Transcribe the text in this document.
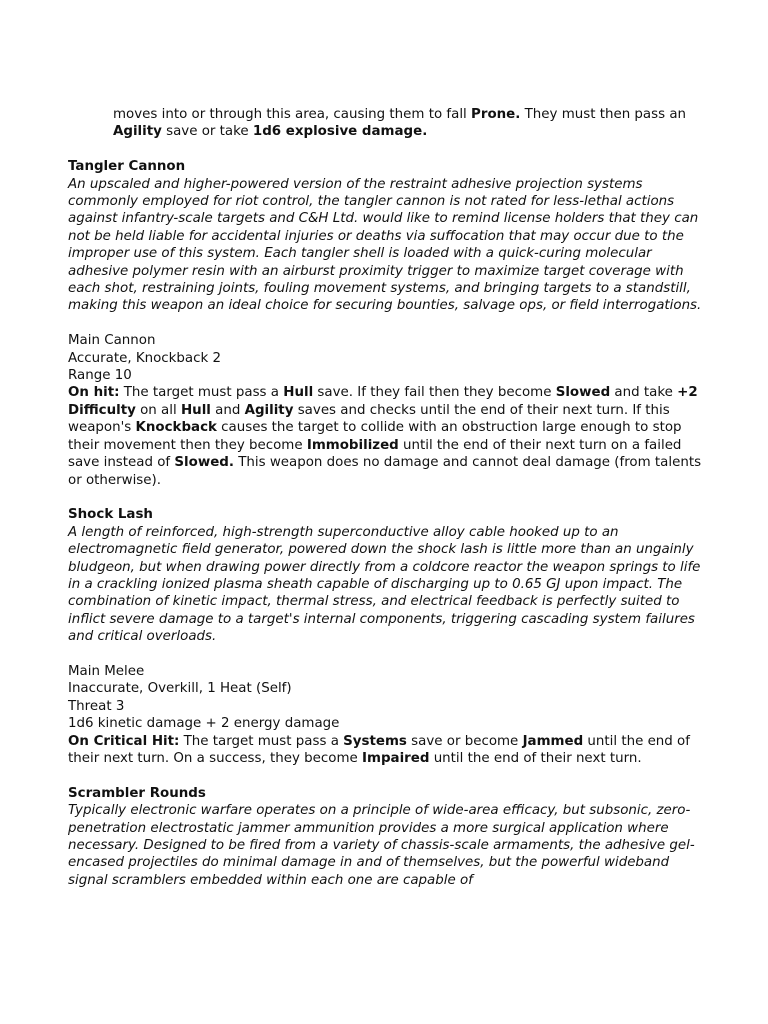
moves into or through this area, causing them to fall Prone. They must then pass an Agility save or take 1d6 explosive damage.

Tangler Cannon

An upscaled and higher-powered version of the restraint adhesive projection systems commonly employed for riot control, the tangler cannon is not rated for less-lethal actions against infantry-scale targets and C&H Ltd. would like to remind license holders that they can not be held liable for accidental injuries or deaths via suffocation that may occur due to the improper use of this system. Each tangler shell is loaded with a quick-curing molecular adhesive polymer resin with an airburst proximity trigger to maximize target coverage with each shot, restraining joints, fouling movement systems, and bringing targets to a standstill, making this weapon an ideal choice for securing bounties, salvage ops, or field interrogations.

Main Cannon

Accurate, Knockback 2

Range 10

On hit: The target must pass a Hull save. If they fail then they become Slowed and take +2 Difficulty on all Hull and Agility saves and checks until the end of their next turn. If this weapon's Knockback causes the target to collide with an obstruction large enough to stop their movement then they become Immobilized until the end of their next turn on a failed save instead of Slowed. This weapon does no damage and cannot deal damage (from talents or otherwise).

Shock Lash

A length of reinforced, high-strength superconductive alloy cable hooked up to an electromagnetic field generator, powered down the shock lash is little more than an ungainly bludgeon, but when drawing power directly from a coldcore reactor the weapon springs to life in a crackling ionized plasma sheath capable of discharging up to 0.65 GJ upon impact. The combination of kinetic impact, thermal stress, and electrical feedback is perfectly suited to inflict severe damage to a target's internal components, triggering cascading system failures and critical overloads.

Main Melee

Inaccurate, Overkill, 1 Heat (Self)

Threat 3

1d6 kinetic damage + 2 energy damage

On Critical Hit: The target must pass a Systems save or become Jammed until the end of their next turn. On a success, they become Impaired until the end of their next turn.

Scrambler Rounds

Typically electronic warfare operates on a principle of wide-area efficacy, but subsonic, zero-penetration electrostatic jammer ammunition provides a more surgical application where necessary. Designed to be fired from a variety of chassis-scale armaments, the adhesive gel-encased projectiles do minimal damage in and of themselves, but the powerful wideband signal scramblers embedded within each one are capable of
